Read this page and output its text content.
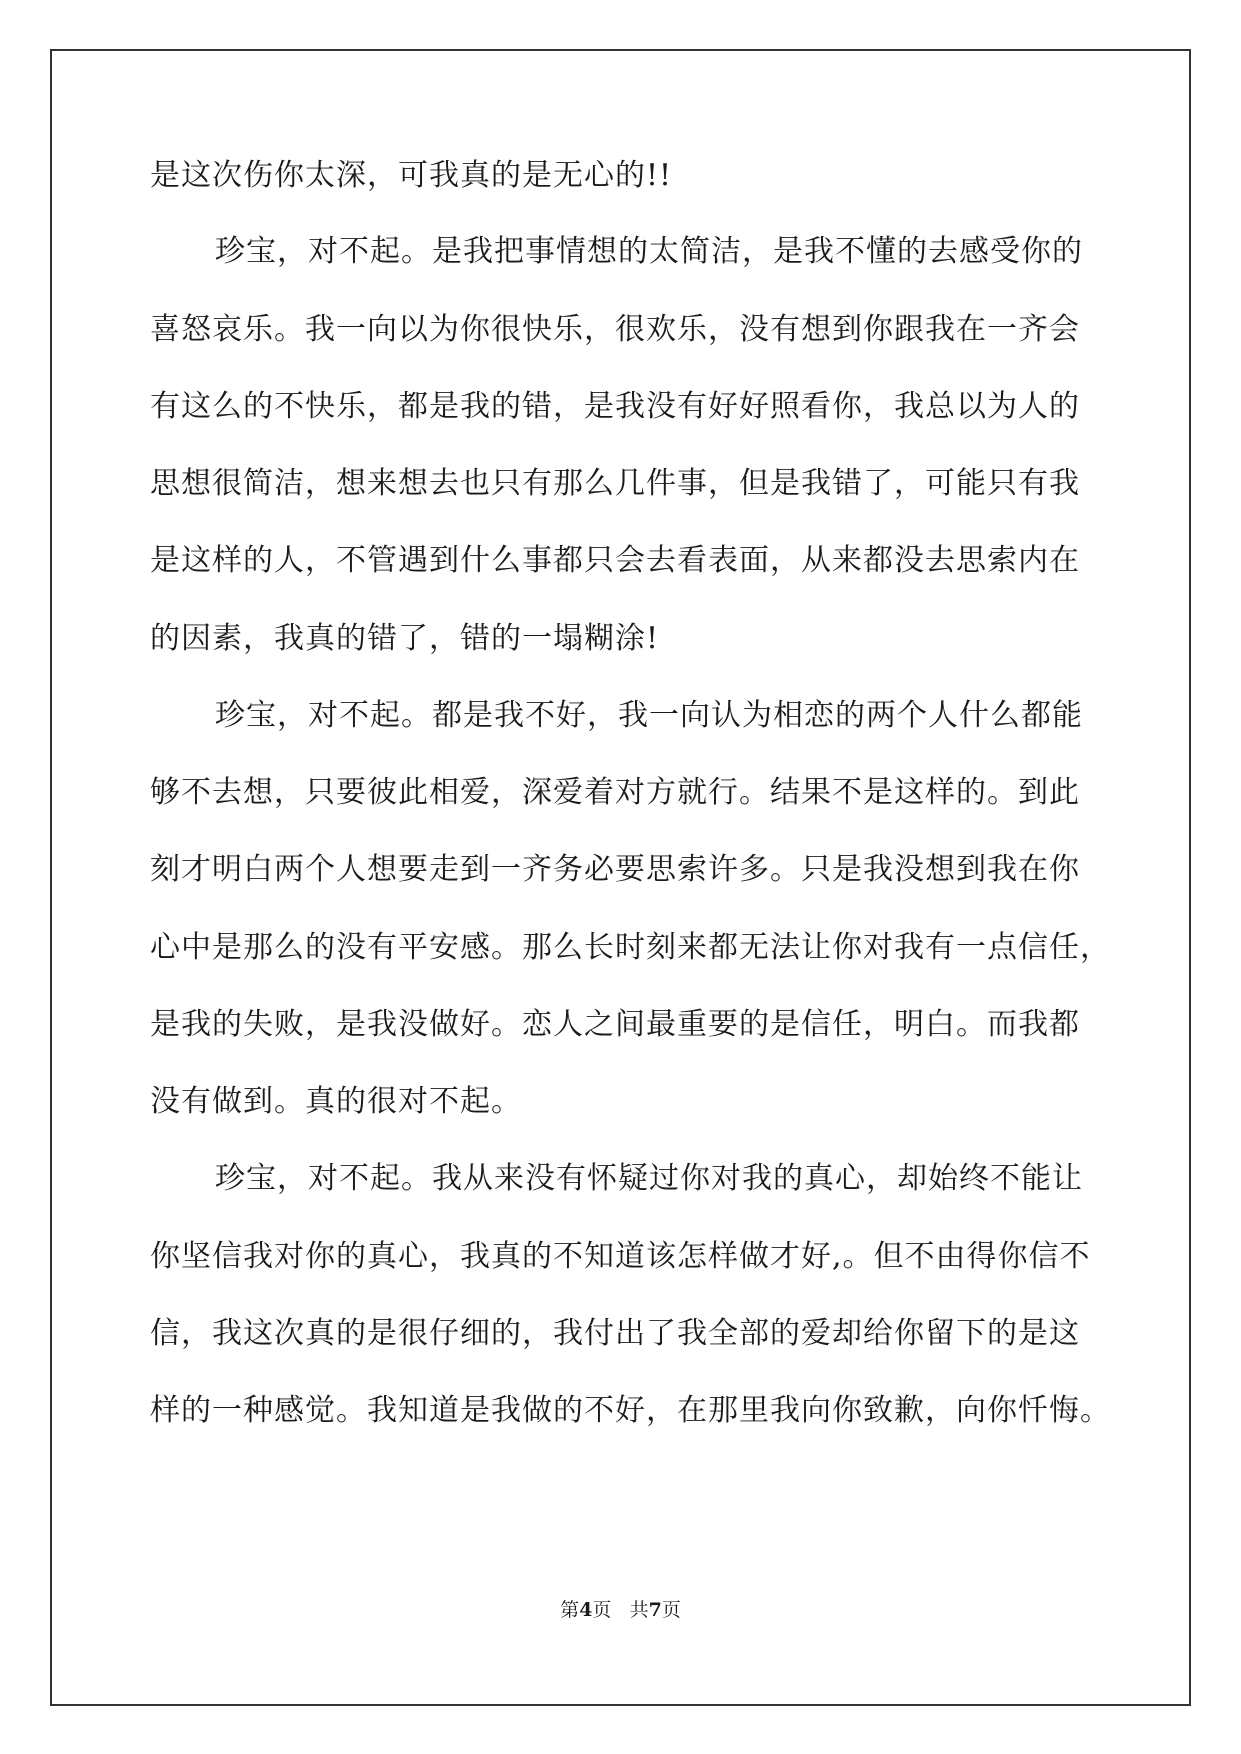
是这次伤你太深，可我真的是无心的!!

珍宝，对不起。是我把事情想的太简洁，是我不懂的去感受你的

喜怒哀乐。我一向以为你很快乐，很欢乐，没有想到你跟我在一齐会

有这么的不快乐，都是我的错，是我没有好好照看你，我总以为人的

思想很简洁，想来想去也只有那么几件事，但是我错了，可能只有我

是这样的人，不管遇到什么事都只会去看表面，从来都没去思索内在

的因素，我真的错了，错的一塌糊涂!

珍宝，对不起。都是我不好，我一向认为相恋的两个人什么都能

够不去想，只要彼此相爱，深爱着对方就行。结果不是这样的。到此

刻才明白两个人想要走到一齐务必要思索许多。只是我没想到我在你

心中是那么的没有平安感。那么长时刻来都无法让你对我有一点信任，

是我的失败，是我没做好。恋人之间最重要的是信任，明白。而我都

没有做到。真的很对不起。

珍宝，对不起。我从来没有怀疑过你对我的真心，却始终不能让

你坚信我对你的真心，我真的不知道该怎样做才好,。但不由得你信不

信，我这次真的是很仔细的，我付出了我全部的爱却给你留下的是这

样的一种感觉。我知道是我做的不好，在那里我向你致歉，向你忏悔。

第4页 共7页
